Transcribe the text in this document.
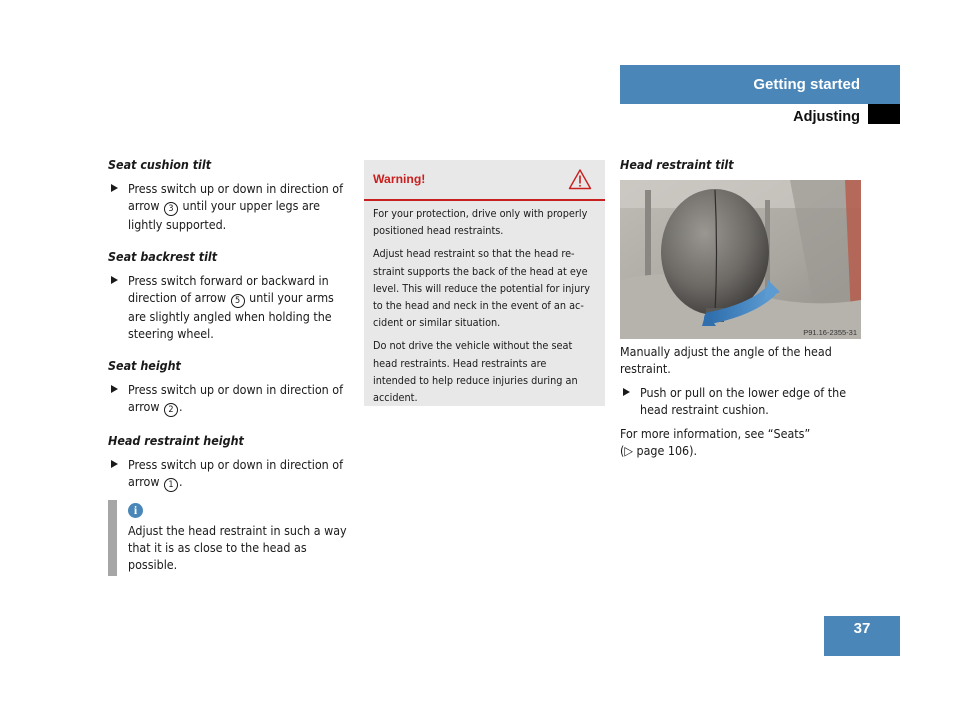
Getting started
Adjusting

Seat cushion tilt

Press switch up or down in direction of
arrow 3 until your upper legs are
lightly supported.

Seat backrest tilt

Press switch forward or backward in
direction of arrow 5 until your arms
are slightly angled when holding the
steering wheel.

Seat height

Press switch up or down in direction of
arrow 2 .

Head restraint height

Press switch up or down in direction of
arrow 1 .
i
Adjust the head restraint in such a way
that it is as close to the head as
possible.
Warning!

For your protection, drive only with properly
positioned head restraints.

Adjust head restraint so that the head re-
straint supports the back of the head at eye
level. This will reduce the potential for injury
to the head and neck in the event of an ac-
cident or similar situation.

Do not drive the vehicle without the seat
head restraints. Head restraints are
intended to help reduce injuries during an
accident.

Head restraint tilt

P91.16-2355-31

Manually adjust the angle of the head
restraint.

Push or pull on the lower edge of the
head restraint cushion.

For more information, see “Seats”
(▷ page 106).

37
